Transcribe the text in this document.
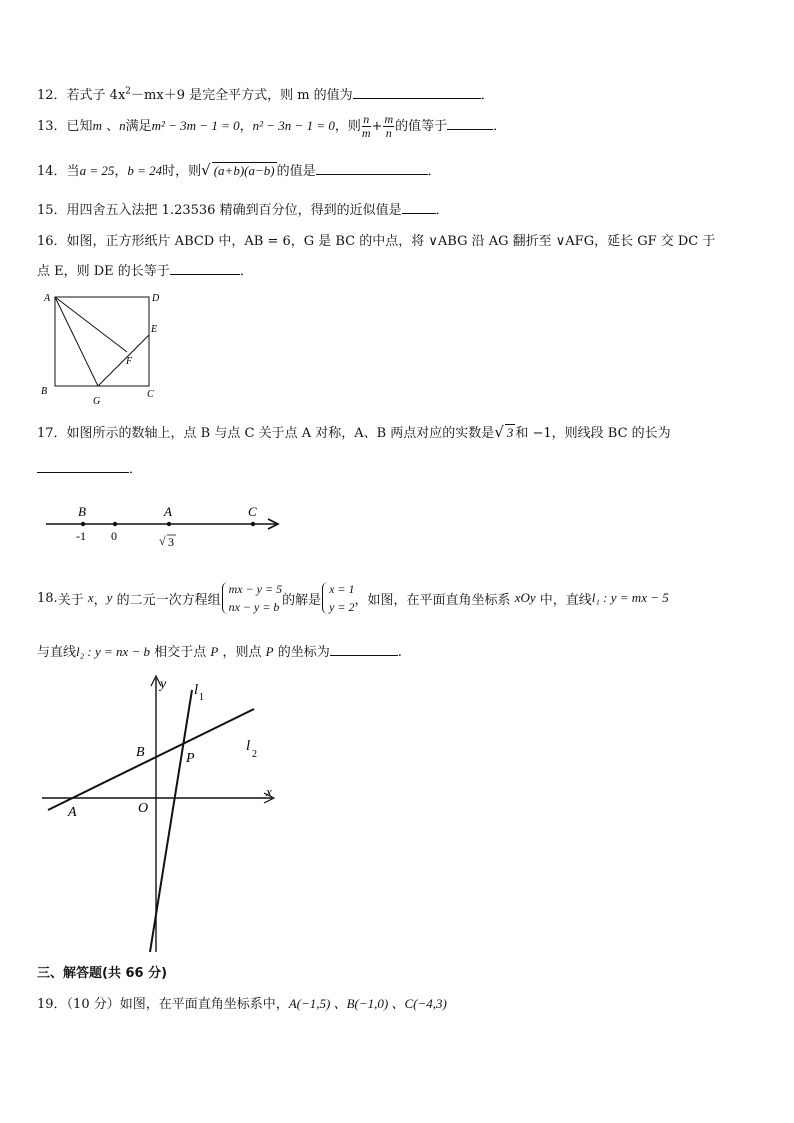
12．若式子 $4x^2-mx+9$ 是完全平方式，则 m 的值为	．
13．已知m 、n满足m² − 3m − 1 = 0，n² − 3n − 1 = 0，则 $\frac{n}{m} + \frac{m}{n}$ 的值等于	．
14．当a = 25，b = 24时，则√ (a+b)(a−b) 的值是	．
15．用四舍五入法把 1.23536 精确到百分位，得到的近似值是	．
16．如图，正方形纸片 ABCD 中，AB = 6，G 是 BC 的中点，将 ∨ABG 沿 AG 翻折至 ∨AFG，延长 GF 交 DC 于
点 E，则 DE 的长等于	．
A	D
E
F
B	C
G
17．如图所示的数轴上，点 B 与点 C 关于点 A 对称，A、B 两点对应的实数是√ 3 和 −1，则线段 BC 的长为
．
B	A	C
-1 0	√ 3
18. 关于
x ， y
的二元一次方程组
mx − y = 5
nx − y = b 的解是
x = 1
y = 2 ，如图，在平面直角坐标系
xOy
中，直线 l₁ : y = mx − 5
与直线l₂ : y = nx − b 相交于点 P ，则点 P 的坐标为	.
y
x
l 1
l
2
B	P
A	O
三、解答题(共 66 分)
19．（10 分）如图，在平面直角坐标系中，A(−1,5) 、B(−1,0) 、C(−4,3)
